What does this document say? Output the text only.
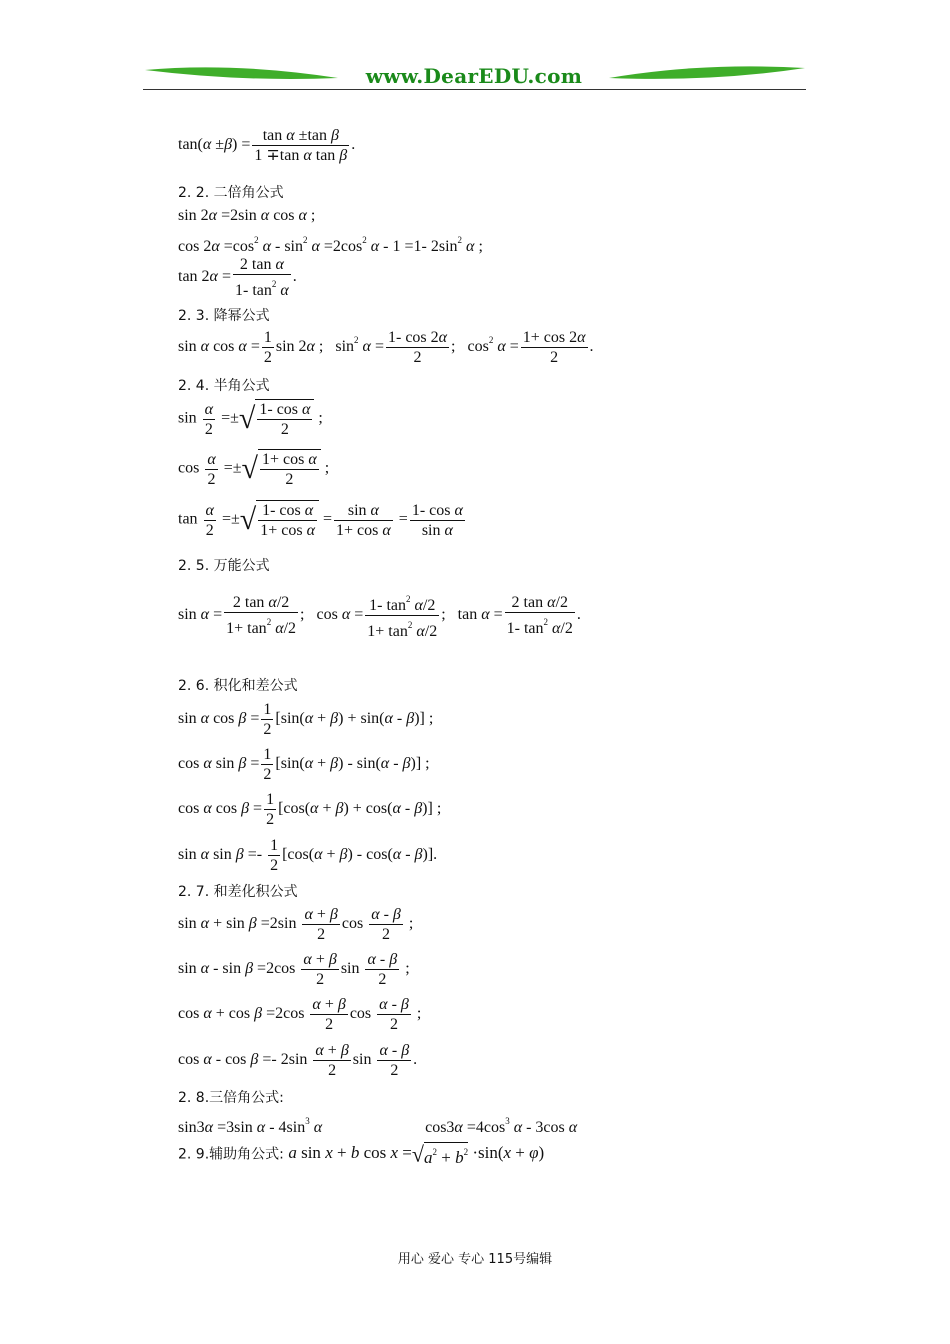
www.DearEDU.com
$\tan(\alpha \pm\beta) = \frac{\text{tan α ±tan β}}{\text{1 ∓tan α tan β}}$ .
2. 2. 二倍角公式
sin 2α =2sin α cos α ;
$\cos 2\alpha =\cos^2$ $\alpha - \sin^2 \alpha =2\cos^2$ α - 1 =1- $2\sin^2$ α ;
$\tan 2\alpha = \frac{\text{2 tan α}}{1- \tan^2 \alpha}$ .
2. 3. 降幂公式
sin α $\cos \alpha = \frac{1}{2}$ sin 2α ;   $\sin^2 \alpha = \frac{1- \cos 2\alpha}{2}$ ;   $\cos^2 \alpha = \frac{1+ \cos 2\alpha}{2}$ .
2. 4. 半角公式
$\sin \frac{\alpha}{2}$ =±√ $\frac{\text{1- cos α}}{2}$ ;
$\cos \frac{\alpha}{2}$ =±√ $\frac{\text{1+ cos α}}{2}$ ;
$\tan \frac{\alpha}{2}$ =±√ $\frac{\text{1- cos α}}{\text{1+ cos α}} = \frac{\text{sin α}}{\text{1+ cos α}} = \frac{\text{1- cos α}}{\text{sin α}}$
2. 5. 万能公式
$\sin \alpha = \frac{\text{2 tan α/2}}{1+ \tan^2 \alpha/2}$ ;   $\cos \alpha = \frac{1- \tan^2 \alpha/2}{1+ \tan^2 \alpha/2}$ ;   $\tan \alpha = \frac{\text{2 tan α/2}}{1- \tan^2 \alpha/2}$ .
2. 6. 积化和差公式
sin α $\cos \beta = \frac{1}{2} [\sin(\alpha + \beta) + \sin(\alpha - \beta)]$ ;
cos α $\sin \beta = \frac{1}{2} [\sin(\alpha + \beta) - \sin(\alpha - \beta)]$ ;
cos α $\cos \beta = \frac{1}{2} [\cos(\alpha + \beta) + \cos(\alpha - \beta)]$ ;
sin α $\sin \beta =- \frac{1}{2} [\cos(\alpha + \beta) - \cos(\alpha - \beta)]$.
2. 7. 和差化积公式
$\sin \alpha + \sin \beta =2\sin \frac{\alpha + \beta}{2}$ $\cos \frac{\alpha - \beta}{2}$ ;
$\sin \alpha - \sin \beta =2\cos \frac{\alpha + \beta}{2}$ $\sin \frac{\alpha - \beta}{2}$ ;
$\cos \alpha + \cos \beta =2\cos \frac{\alpha + \beta}{2}$ $\cos \frac{\alpha - \beta}{2}$ ;
$\cos \alpha - \cos \beta =- 2\sin \frac{\alpha + \beta}{2}$ $\sin \frac{\alpha - \beta}{2}$ .
2. 8.三倍角公式:
sin3α =3sin α - $4\sin^3$ α	$\cos 3\alpha =4\cos^3$ α - 3cos α
2. 9.辅助角公式: a sin x + b $\cos x =√a^2 + b^2 \cdot\sin(x + \varphi)$
用心 爱心 专心 115号编辑
